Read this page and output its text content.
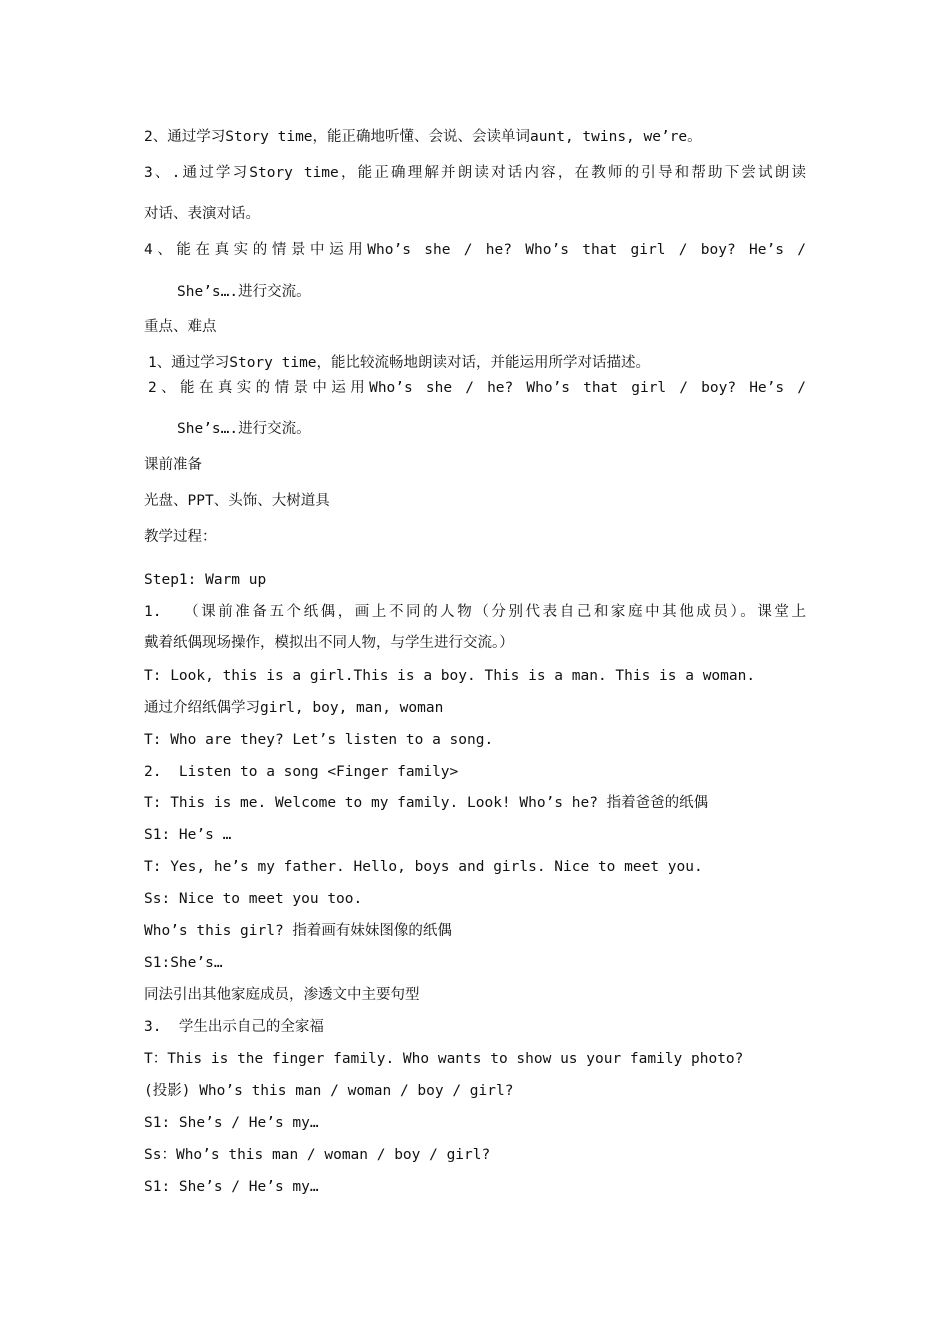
2、通过学习Story time，能正确地听懂、会说、会读单词aunt, twins, we’re。
3、.通过学习Story time，能正确理解并朗读对话内容，在教师的引导和帮助下尝试朗读
对话、表演对话。
4、能在真实的情景中运用Who’s she / he? Who’s that girl / boy? He’s /
She’s….进行交流。
重点、难点
1、通过学习Story time，能比较流畅地朗读对话，并能运用所学对话描述。
2、能在真实的情景中运用Who’s she / he? Who’s that girl / boy? He’s /
She’s….进行交流。
课前准备
光盘、PPT、头饰、大树道具
教学过程：
Step1: Warm up
1.  （课前准备五个纸偶，画上不同的人物（分别代表自己和家庭中其他成员）。课堂上
戴着纸偶现场操作，模拟出不同人物，与学生进行交流。）
T: Look, this is a girl.This is a boy. This is a man. This is a woman.
通过介绍纸偶学习girl, boy, man, woman
T: Who are they? Let’s listen to a song.
2.  Listen to a song <Finger family>
T: This is me. Welcome to my family. Look! Who’s he? 指着爸爸的纸偶
S1: He’s …
T: Yes, he’s my father. Hello, boys and girls. Nice to meet you.
Ss: Nice to meet you too.
Who’s this girl? 指着画有妹妹图像的纸偶
S1:She’s…
同法引出其他家庭成员，渗透文中主要句型
3.  学生出示自己的全家福
T：This is the finger family. Who wants to show us your family photo?
(投影) Who’s this man / woman / boy / girl?
S1: She’s / He’s my…
Ss：Who’s this man / woman / boy / girl?
S1: She’s / He’s my…
